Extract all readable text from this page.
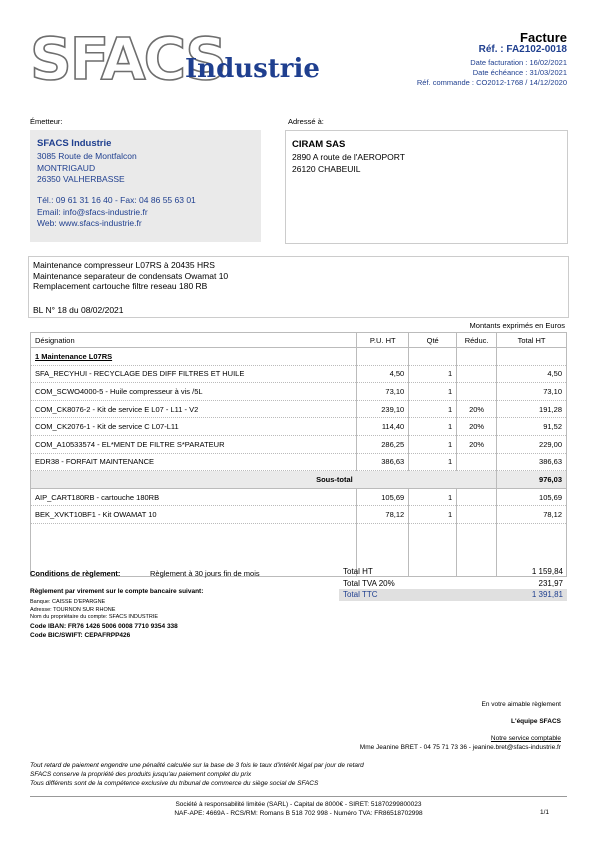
SFACS
Industrie
Facture
Réf. : FA2102-0018
Date facturation : 16/02/2021
Date échéance : 31/03/2021
Réf. commande : CO2012-1768 / 14/12/2020
Émetteur:
SFACS Industrie
3085 Route de Montfalcon
MONTRIGAUD
26350 VALHERBASSE
Tél.: 09 61 31 16 40 - Fax: 04 86 55 63 01
Email: info@sfacs-industrie.fr
Web: www.sfacs-industrie.fr
Adressé à:
CIRAM SAS
2890 A route de l'AEROPORT
26120 CHABEUIL
Maintenance compresseur L07RS à 20435 HRS
Maintenance separateur de condensats Owamat 10
Remplacement cartouche filtre reseau 180 RB
BL N° 18 du 08/02/2021
Montants exprimés en Euros
Désignation	P.U. HT	Qté	Réduc.	Total HT
1 Maintenance L07RS				
SFA_RECYHUI - RECYCLAGE DES DIFF FILTRES ET HUILE	4,50	1		4,50
COM_SCWO4000-5 - Huile compresseur à vis /5L	73,10	1		73,10
COM_CK8076-2 - Kit de service E L07 - L11 - V2	239,10	1	20%	191,28
COM_CK2076-1 - Kit de service C L07-L11	114,40	1	20%	91,52
COM_A10533574 - EL*MENT DE FILTRE S*PARATEUR	286,25	1	20%	229,00
EDR38 - FORFAIT MAINTENANCE	386,63	1		386,63
Sous-total				976,03
AIP_CART180RB - cartouche 180RB	105,69	1		105,69
BEK_XVKT10BF1 - Kit OWAMAT 10	78,12	1		78,12

Conditions de règlement:	Règlement à 30 jours fin de mois
Règlement par virement sur le compte bancaire suivant:
Banque: CAISSE D'EPARGNE
Adresse: TOURNON SUR RHONE
Nom du propriétaire du compte: SFACS INDUSTRIE
Code IBAN: FR76 1426 5006 0008 7710 9354 338
Code BIC/SWIFT: CEPAFRPP426
Total HT	1 159,84
Total TVA 20%	231,97
Total TTC	1 391,81
En votre aimable règlement
L'équipe SFACS
Notre service comptable
Mme Jeanine BRET - 04 75 71 73 36 - jeanine.bret@sfacs-industrie.fr
Tout retard de paiement engendre une pénalité calculée sur la base de 3 fois le taux d'intérêt légal par jour de retard
SFACS conserve la propriété des produits jusqu'au paiement complet du prix
Tous différents sont de la compétence exclusive du tribunal de commerce du siège social de SFACS
Société à responsabilité limitée (SARL) - Capital de 8000€ - SIRET: 51870299800023
NAF-APE: 4669A - RCS/RM: Romans B 518 702 998 - Numéro TVA: FR86518702998	1/1
